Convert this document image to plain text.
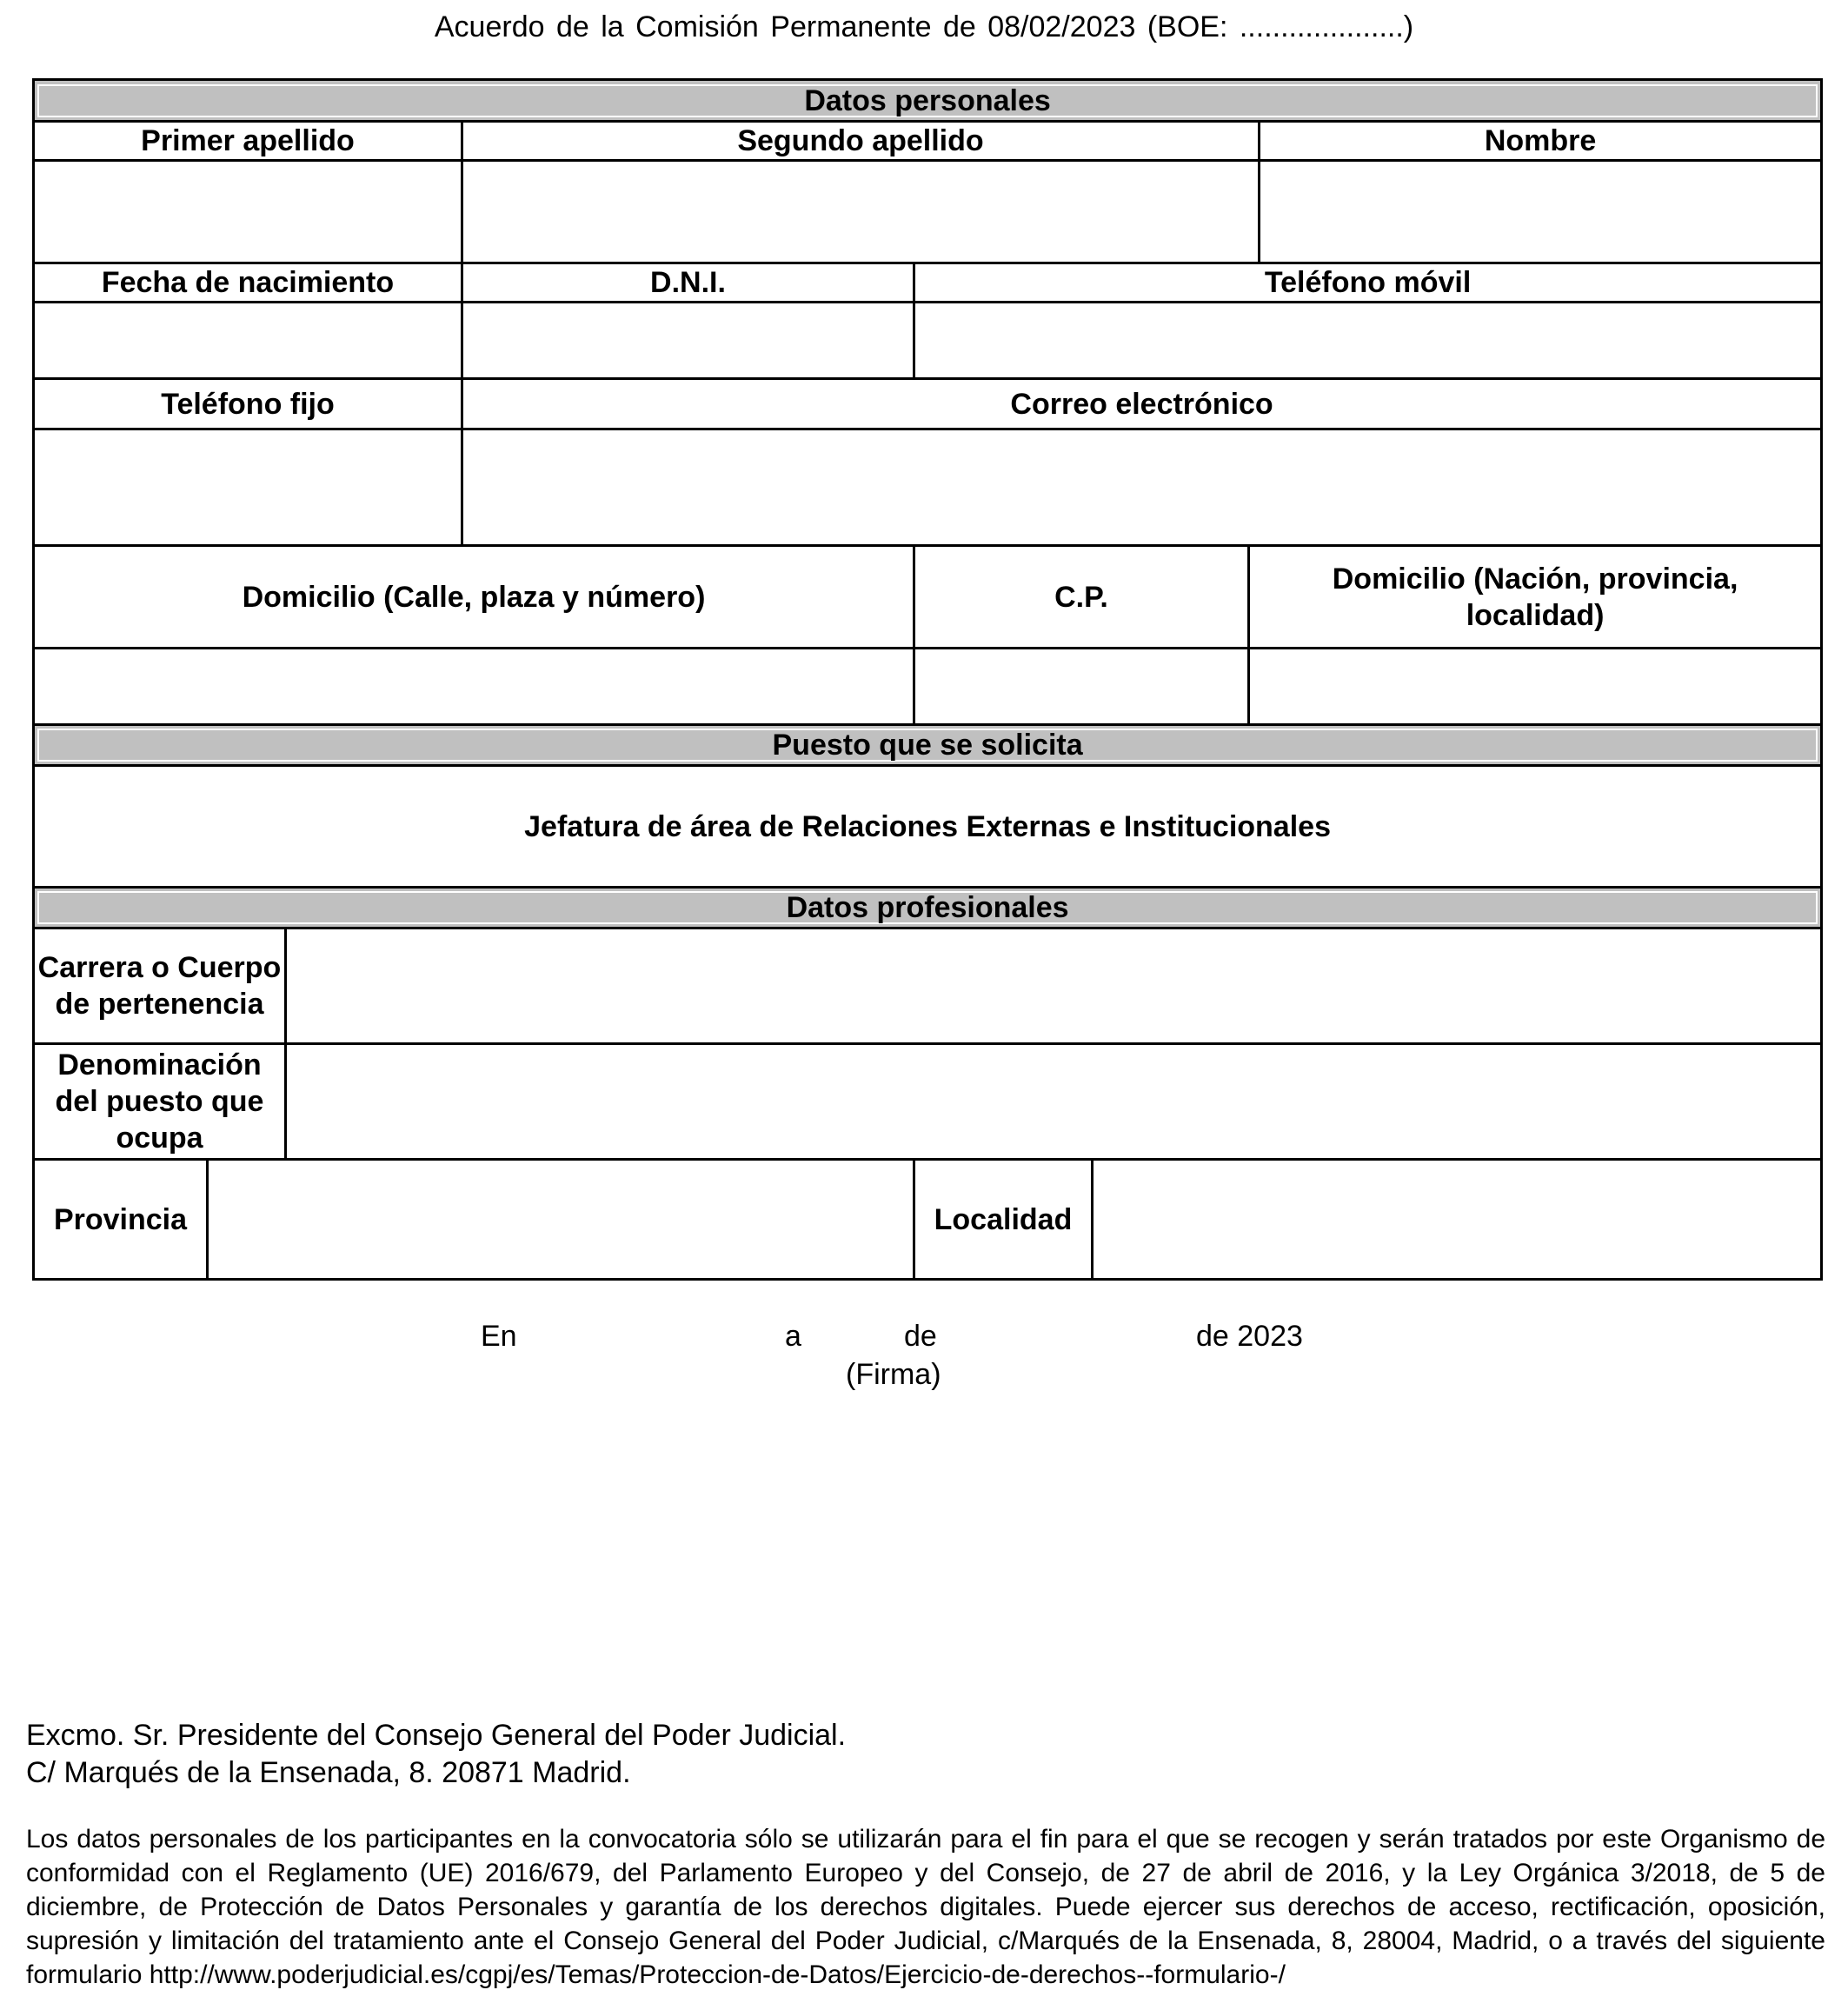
Acuerdo de la Comisión Permanente de 08/02/2023 (BOE: ....................)
Datos personales							

Primer apellido			Segundo apellido				Nombre

Fecha de nacimiento			D.N.I.	Teléfono móvil			

Teléfono fijo			Correo electrónico				

Domicilio (Calle, plaza y número)				C.P.		Domicilio (Nación, provincia, localidad)	

Puesto que se solicita							

Jefatura de área de Relaciones Externas e Institucionales							

Datos profesionales							

Carrera o Cuerpo de pertenencia							
Denominación del puesto que ocupa							
Provincia				Localidad			
En	a	de	de 2023
(Firma)
Excmo. Sr. Presidente del Consejo General del Poder Judicial.
C/ Marqués de la Ensenada, 8. 20871 Madrid.
Los datos personales de los participantes en la convocatoria sólo se utilizarán para el fin para el que se recogen y serán tratados por este Organismo de conformidad con el Reglamento (UE) 2016/679, del Parlamento Europeo y del Consejo, de 27 de abril de 2016, y la Ley Orgánica 3/2018, de 5 de diciembre, de Protección de Datos Personales y garantía de los derechos digitales. Puede ejercer sus derechos de acceso, rectificación, oposición, supresión y limitación del tratamiento ante el Consejo General del Poder Judicial, c/Marqués de la Ensenada, 8, 28004, Madrid, o a través del siguiente formulario http://www.poderjudicial.es/cgpj/es/Temas/Proteccion-de-Datos/Ejercicio-de-derechos--formulario-/
